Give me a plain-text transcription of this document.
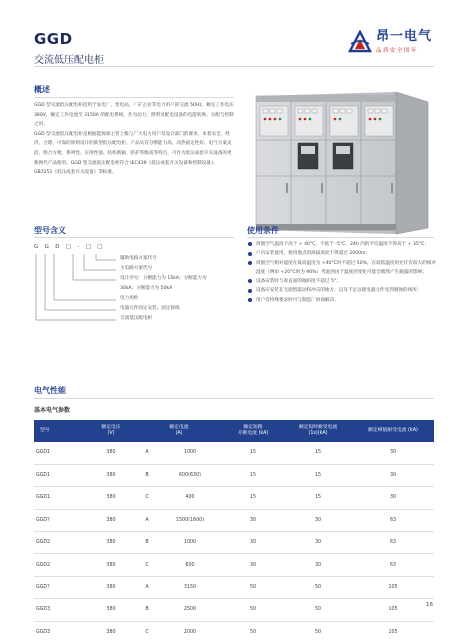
GGD
交流低压配电柜
昂一电气
品质安全团年
概述

GGD 型交流低压配电柜适用于发电厂、变电站、厂矿企业等电力用户的交流 50Hz，额定工作电压 380V，额定工作电流至 3150A 的配电系统，作为动力、照明及配电设备的电能转换、分配与控制之用。

GGD 型交流低压配电柜是根据能源部主管上级与广大电力用户及设计部门的要求，本着安全、经济、合理、可靠的原则设计的新型低压配电柜。产品具有分断能力高、动热稳定性好、电气方案灵活、组合方便、系列性、实用性强、结构新颖、防护等级高等特点，可作为低压成套开关设备的更新换代产品使用。GGD 型交流低压配电柜符合 IEC439《低压成套开关设备和控制设备》、GB7251《低压成套开关设备》等标准。

型号含义
G G D □ - □ □
辅助电路方案代号
主电路方案代号
设计序号：分断能力为 15kA；分断能力为
30kA；分断能力为 50kA
电力用柜
电器元件固定安装、固定接线
交流低压配电柜
使用条件
周围空气温度不高于 + 40°C，不低于 -5°C，24h 内的平均温度不得高于 + 35°C；
户内安装使用，使用地点的海拔高度不得超过 2000m；
周围空气相对湿度在最高温度为 +40°C时不超过 50%，在较低温度时允许有较大的相对湿度（例如 +20°C时为 90%）考虑到由于温度的变化可能会偶然产生凝露的影响；
设备安装时与垂直面的倾斜度不超过 5°；
设备应安装在无剧烈震动和冲击的地方，以及不足以使电器元件受到腐蚀的场所；
用户有特殊要求时可与制造厂协商解决。
电气性能
基本电气参数
型号	额定电压
(V)	额定电流
(A)		额定短路
开断电流 (kA)	额定短时耐受电流
(1s)(kA)	额定峰值耐受电流 (kA)
GGD1	380	A	1000	15	15	30
GGD1	380	B	600(630)	15	15	30
GGD1	380	C	400	15	15	30
GGD?	380	A	1500(1600)	30	30	63
GGD2	380	B	1000	30	30	63
GGD2	380	C	600	30	30	63
GGD?	380	A	3150	50	50	105
GGD3	380	B	2500	50	50	105
GGD3	380	C	2000	50	50	105
16
